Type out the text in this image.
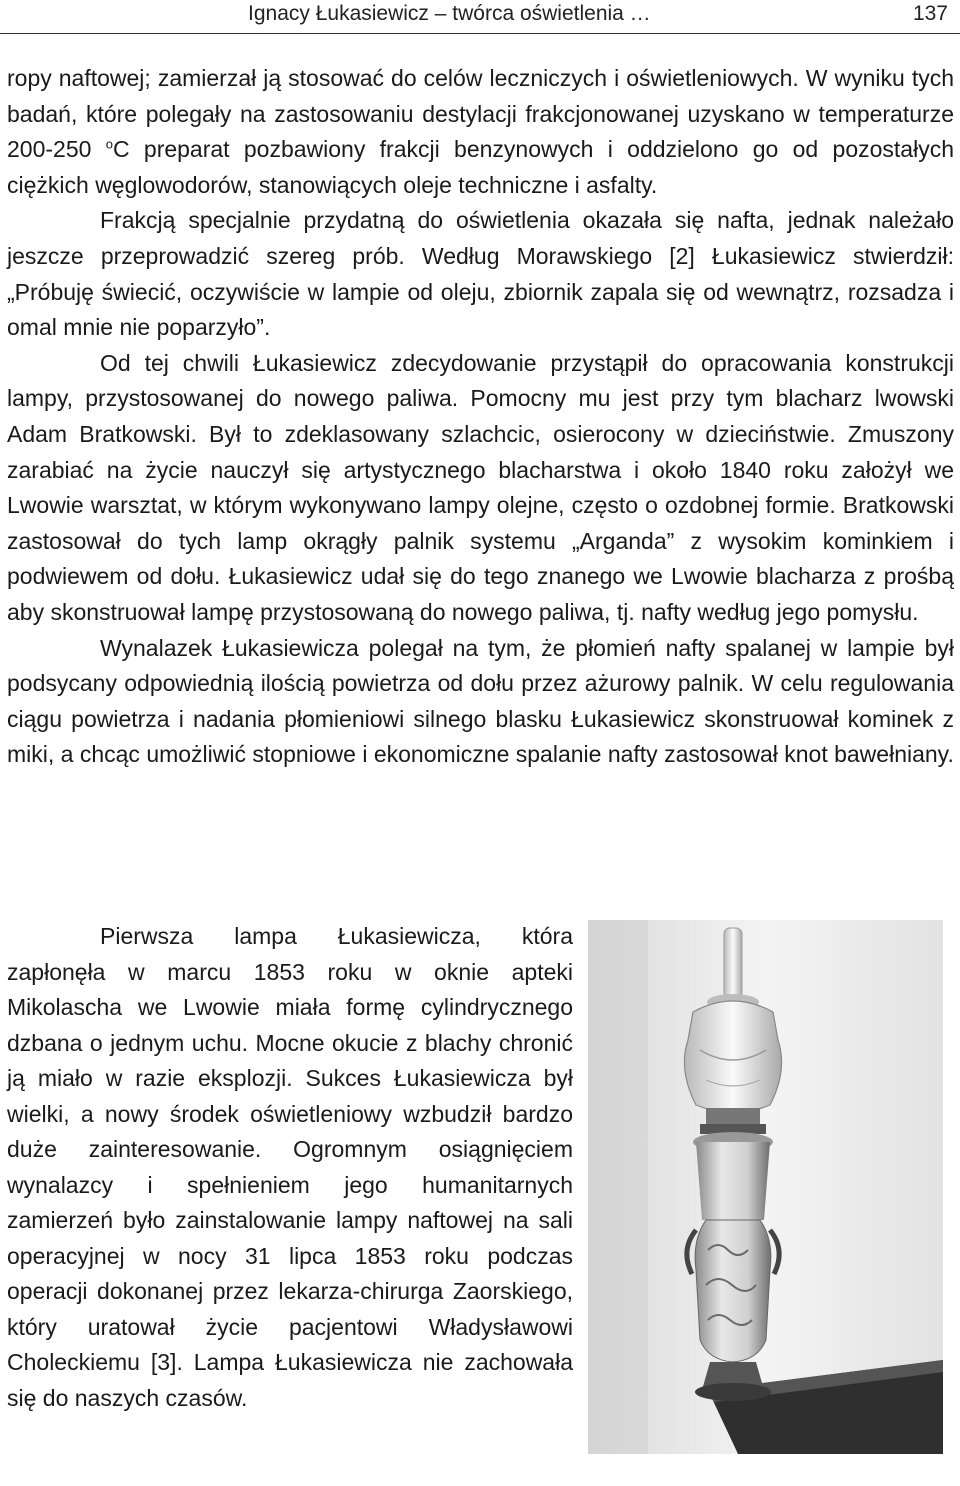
Ignacy Łukasiewicz – twórca oświetlenia …	137

ropy naftowej; zamierzał ją stosować do celów leczniczych i oświetleniowych. W wyniku tych badań, które polegały na zastosowaniu destylacji frakcjonowanej uzyskano w temperaturze 200-250 $^o$C preparat pozbawiony frakcji benzynowych i oddzielono go od pozostałych ciężkich węglowodorów, stanowiących oleje techniczne i asfalty.

Frakcją specjalnie przydatną do oświetlenia okazała się nafta, jednak należało jeszcze przeprowadzić szereg prób. Według Morawskiego [2] Łukasiewicz stwierdził: „Próbuję świecić, oczywiście w lampie od oleju, zbiornik zapala się od wewnątrz, rozsadza i omal mnie nie poparzyło”.

Od tej chwili Łukasiewicz zdecydowanie przystąpił do opracowania konstrukcji lampy, przystosowanej do nowego paliwa. Pomocny mu jest przy tym blacharz lwowski Adam Bratkowski. Był to zdeklasowany szlachcic, osierocony w dzieciństwie. Zmuszony zarabiać na życie nauczył się artystycznego blacharstwa i około 1840 roku założył we Lwowie warsztat, w którym wykonywano lampy olejne, często o ozdobnej formie. Bratkowski zastosował do tych lamp okrągły palnik systemu „Arganda” z wysokim kominkiem i podwiewem od dołu. Łukasiewicz udał się do tego znanego we Lwowie blacharza z prośbą aby skonstruował lampę przystosowaną do nowego paliwa, tj. nafty według jego pomysłu.

Wynalazek Łukasiewicza polegał na tym, że płomień nafty spalanej w lampie był podsycany odpowiednią ilością powietrza od dołu przez ażurowy palnik. W celu regulowania ciągu powietrza i nadania płomieniowi silnego blasku Łukasiewicz skonstruował kominek z miki, a chcąc umożliwić stopniowe i ekonomiczne spalanie nafty zastosował knot bawełniany.

Pierwsza lampa Łukasiewicza, która zapłonęła w marcu 1853 roku w oknie apteki Mikolascha we Lwowie miała formę cylindrycznego dzbana o jednym uchu. Mocne okucie z blachy chronić ją miało w razie eksplozji. Sukces Łukasiewicza był wielki, a nowy środek oświetleniowy wzbudził bardzo duże zainteresowanie. Ogromnym osiągnięciem wynalazcy i spełnieniem jego humanitarnych zamierzeń było zainstalowanie lampy naftowej na sali operacyjnej w nocy 31 lipca 1853 roku podczas operacji dokonanej przez lekarza-chirurga Zaorskiego, który uratował życie pacjentowi Władysławowi Choleckiemu [3]. Lampa Łukasiewicza nie zachowała się do naszych czasów.
